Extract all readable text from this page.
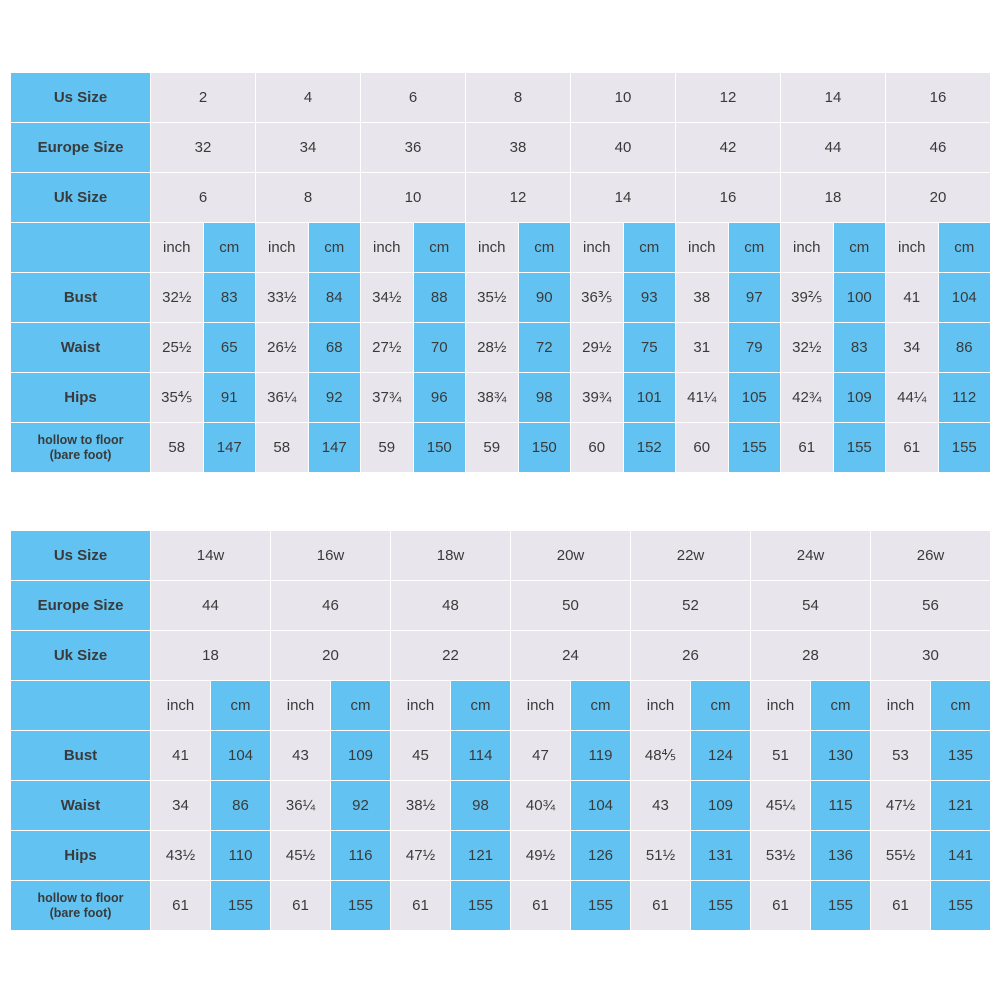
Us Size	2		4		6		8		10		12		14		16	
Europe Size	32		34		36		38		40		42		44		46	
Uk Size	6		8		10		12		14		16		18		20	
	inch	cm	inch	cm	inch	cm	inch	cm	inch	cm	inch	cm	inch	cm	inch	cm
Bust	32½	83	33½	84	34½	88	35½	90	36⅗	93	38	97	39⅖	100	41	104
Waist	25½	65	26½	68	27½	70	28½	72	29½	75	31	79	32½	83	34	86
Hips	35⅘	91	36¼	92	37¾	96	38¾	98	39¾	101	41¼	105	42¾	109	44¼	112
hollow to floor
(bare foot)	58	147	58	147	59	150	59	150	60	152	60	155	61	155	61	155
Us Size	14w		16w		18w		20w		22w		24w		26w	
Europe Size	44		46		48		50		52		54		56	
Uk Size	18		20		22		24		26		28		30	
	inch	cm	inch	cm	inch	cm	inch	cm	inch	cm	inch	cm	inch	cm
Bust	41	104	43	109	45	114	47	119	48⅘	124	51	130	53	135
Waist	34	86	36¼	92	38½	98	40¾	104	43	109	45¼	115	47½	121
Hips	43½	110	45½	116	47½	121	49½	126	51½	131	53½	136	55½	141
hollow to floor
(bare foot)	61	155	61	155	61	155	61	155	61	155	61	155	61	155
